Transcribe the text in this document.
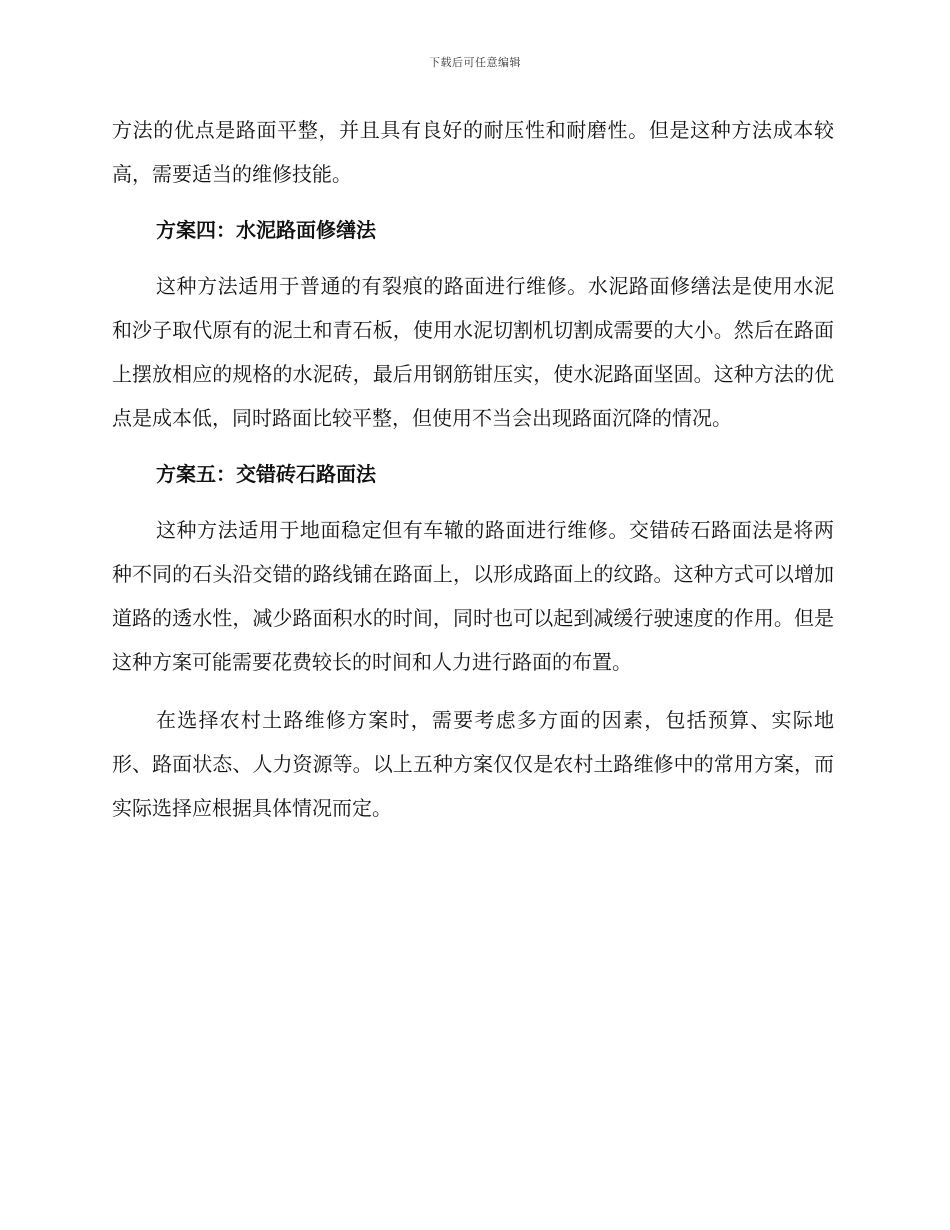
下载后可任意编辑

方法的优点是路面平整，并且具有良好的耐压性和耐磨性。但是这种方法成本较高，需要适当的维修技能。

方案四：水泥路面修缮法

这种方法适用于普通的有裂痕的路面进行维修。水泥路面修缮法是使用水泥和沙子取代原有的泥土和青石板，使用水泥切割机切割成需要的大小。然后在路面上摆放相应的规格的水泥砖，最后用钢筋钳压实，使水泥路面坚固。这种方法的优点是成本低，同时路面比较平整，但使用不当会出现路面沉降的情况。

方案五：交错砖石路面法

这种方法适用于地面稳定但有车辙的路面进行维修。交错砖石路面法是将两种不同的石头沿交错的路线铺在路面上，以形成路面上的纹路。这种方式可以增加道路的透水性，减少路面积水的时间，同时也可以起到减缓行驶速度的作用。但是这种方案可能需要花费较长的时间和人力进行路面的布置。

在选择农村土路维修方案时，需要考虑多方面的因素，包括预算、实际地形、路面状态、人力资源等。以上五种方案仅仅是农村土路维修中的常用方案，而实际选择应根据具体情况而定。
